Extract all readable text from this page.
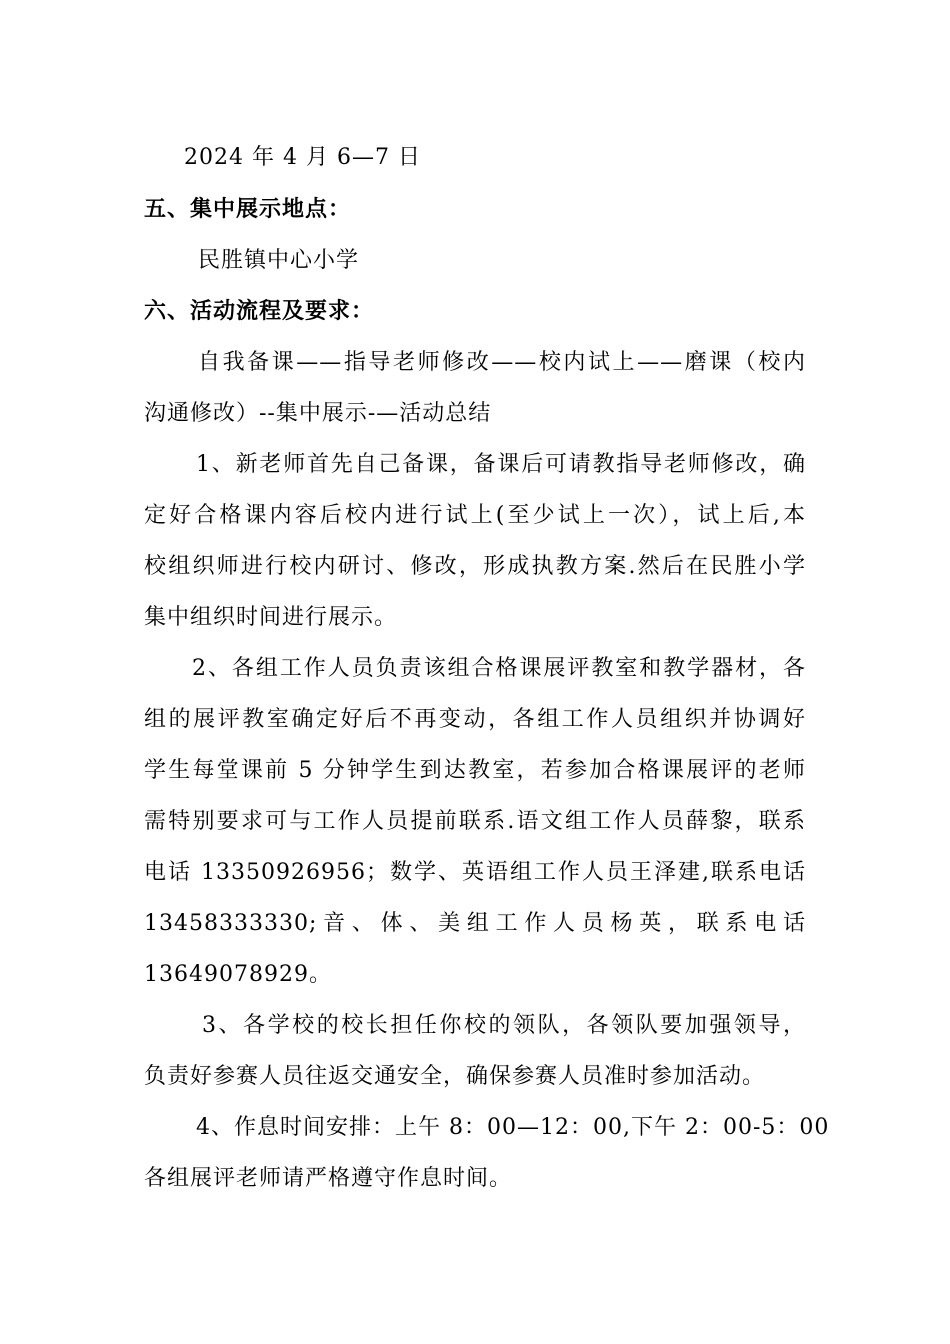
2024 年 4 月 6—7 日
五、集中展示地点：
民胜镇中心小学
六、活动流程及要求：
自我备课——指导老师修改——校内试上——磨课（校内
沟通修改）--集中展示-—活动总结
1、新老师首先自己备课，备课后可请教指导老师修改，确
定好合格课内容后校内进行试上(至少试上一次），试上后,本
校组织师进行校内研讨、修改，形成执教方案.然后在民胜小学
集中组织时间进行展示。
2、各组工作人员负责该组合格课展评教室和教学器材，各
组的展评教室确定好后不再变动，各组工作人员组织并协调好
学生每堂课前 5 分钟学生到达教室，若参加合格课展评的老师
需特别要求可与工作人员提前联系.语文组工作人员薛黎，联系
电话 13350926956；数学、英语组工作人员王泽建,联系电话
13458333330;音、体、美组工作人员杨英，联系电话
13649078929。
3、各学校的校长担任你校的领队，各领队要加强领导，
负责好参赛人员往返交通安全，确保参赛人员准时参加活动。
4、作息时间安排：上午 8：00—12：00,下午 2：00-5：00
各组展评老师请严格遵守作息时间。
